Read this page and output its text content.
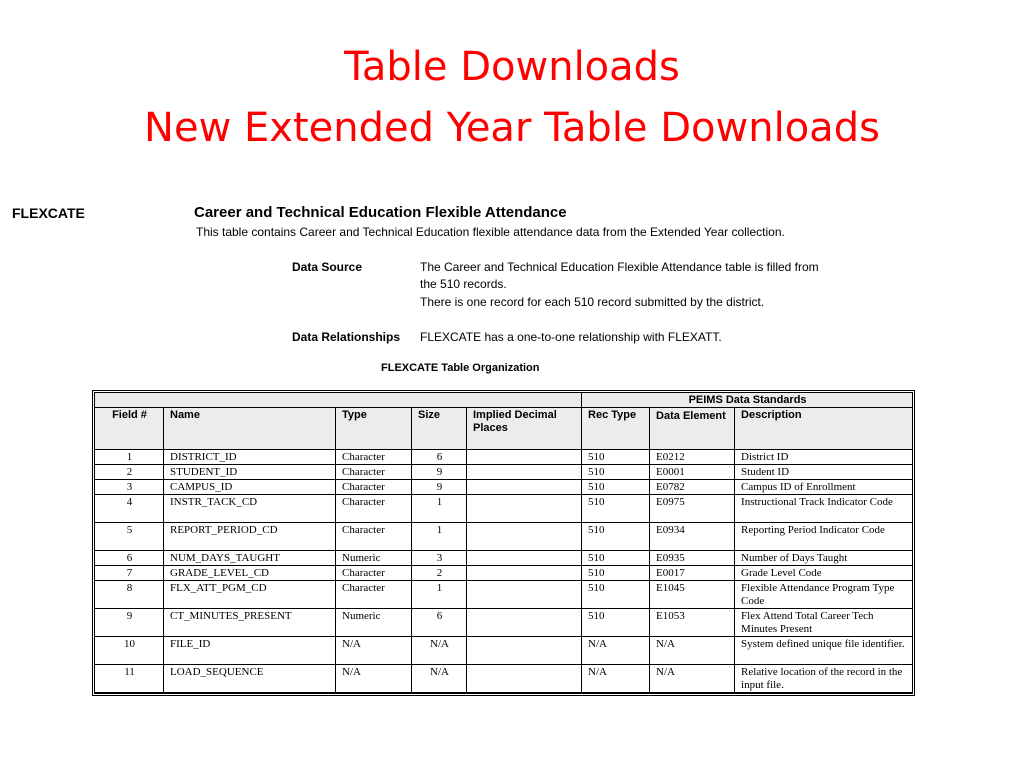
Table Downloads
New Extended Year Table Downloads
FLEXCATE	Career and Technical Education Flexible Attendance
This table contains Career and Technical Education flexible attendance data from the Extended Year collection.
Data Source	The Career and Technical Education Flexible Attendance table is filled from
the 510 records.
There is one record for each 510 record submitted by the district.
Data Relationships FLEXCATE has a one-to-one relationship with FLEXATT.
FLEXCATE Table Organization
					PEIMS Data Standards		
Field #	Name	Type	Size	Implied Decimal Places	Rec Type	Data Element	Description
1	DISTRICT_ID	Character	6		510	E0212	District ID
2	STUDENT_ID	Character	9		510	E0001	Student ID
3	CAMPUS_ID	Character	9		510	E0782	Campus ID of Enrollment
4	INSTR_TACK_CD	Character	1		510	E0975	Instructional Track Indicator Code
5	REPORT_PERIOD_CD	Character	1		510	E0934	Reporting Period Indicator Code
6	NUM_DAYS_TAUGHT	Numeric	3		510	E0935	Number of Days Taught
7	GRADE_LEVEL_CD	Character	2		510	E0017	Grade Level Code
8	FLX_ATT_PGM_CD	Character	1		510	E1045	Flexible Attendance Program Type Code
9	CT_MINUTES_PRESENT	Numeric	6		510	E1053	Flex Attend Total Career Tech Minutes Present
10	FILE_ID	N/A	N/A		N/A	N/A	System defined unique file identifier.
11	LOAD_SEQUENCE	N/A	N/A		N/A	N/A	Relative location of the record in the input file.
